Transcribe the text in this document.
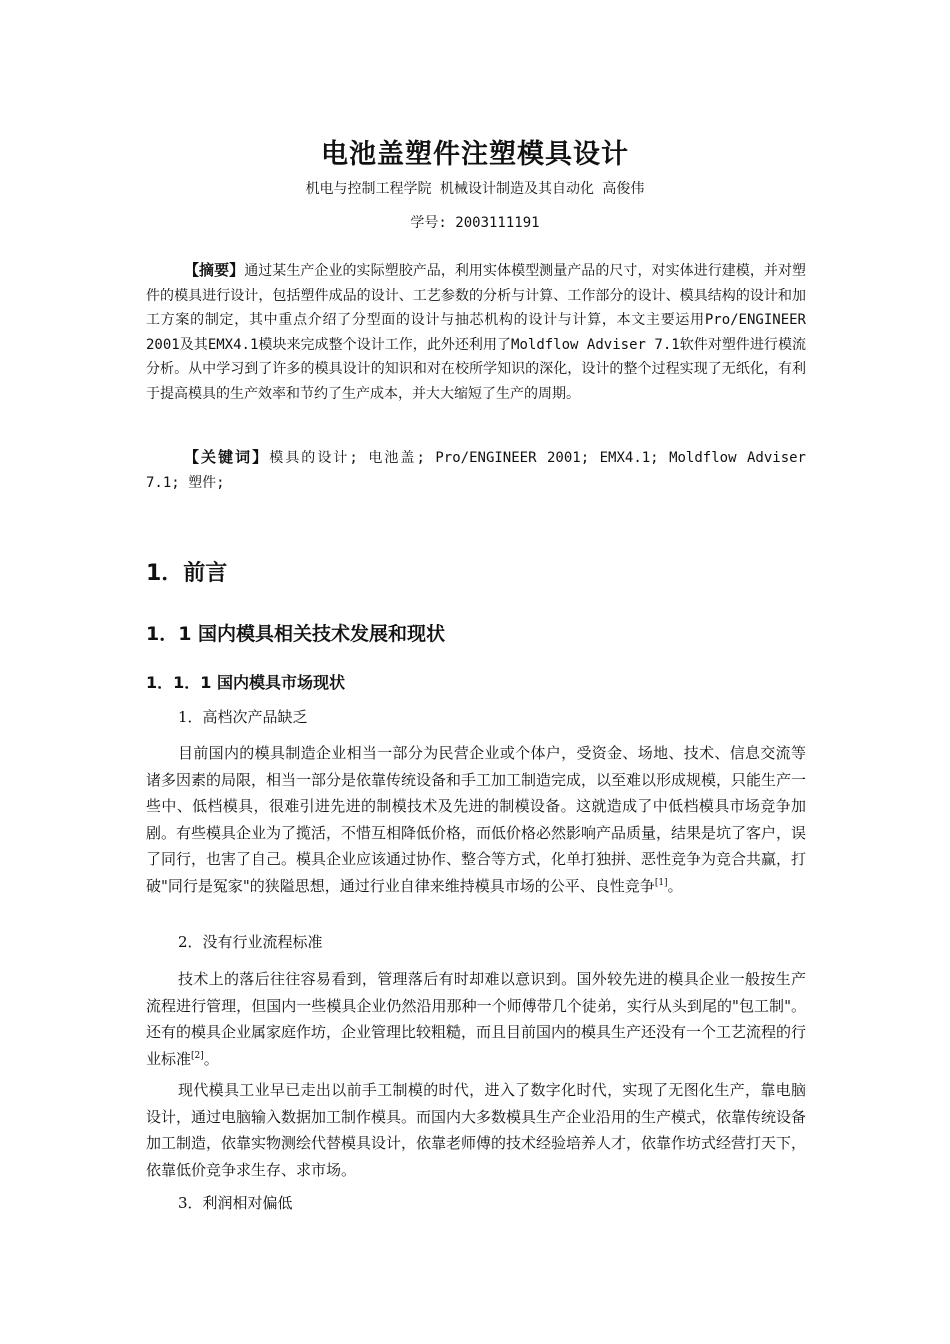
电池盖塑件注塑模具设计
机电与控制工程学院 机械设计制造及其自动化 高俊伟
学号: 2003111191

【摘要】通过某生产企业的实际塑胶产品，利用实体模型测量产品的尺寸，对实体进行建模，并对塑件的模具进行设计，包括塑件成品的设计、工艺参数的分析与计算、工作部分的设计、模具结构的设计和加工方案的制定，其中重点介绍了分型面的设计与抽芯机构的设计与计算，本文主要运用Pro/ENGINEER 2001及其EMX4.1模块来完成整个设计工作，此外还利用了Moldflow Adviser 7.1软件对塑件进行模流分析。从中学习到了许多的模具设计的知识和对在校所学知识的深化，设计的整个过程实现了无纸化，有利于提高模具的生产效率和节约了生产成本，并大大缩短了生产的周期。

【关键词】模具的设计; 电池盖; Pro/ENGINEER 2001; EMX4.1; Moldflow Adviser 7.1; 塑件;

1．前言
1．1 国内模具相关技术发展和现状
1．1．1 国内模具市场现状
1．高档次产品缺乏

目前国内的模具制造企业相当一部分为民营企业或个体户，受资金、场地、技术、信息交流等诸多因素的局限，相当一部分是依靠传统设备和手工加工制造完成，以至难以形成规模，只能生产一些中、低档模具，很难引进先进的制模技术及先进的制模设备。这就造成了中低档模具市场竞争加剧。有些模具企业为了揽活，不惜互相降低价格，而低价格必然影响产品质量，结果是坑了客户，误了同行，也害了自己。模具企业应该通过协作、整合等方式，化单打独拼、恶性竞争为竞合共赢，打破"同行是冤家"的狭隘思想，通过行业自律来维持模具市场的公平、良性竞争[1]。

2．没有行业流程标准

技术上的落后往往容易看到，管理落后有时却难以意识到。国外较先进的模具企业一般按生产流程进行管理，但国内一些模具企业仍然沿用那种一个师傅带几个徒弟，实行从头到尾的"包工制"。还有的模具企业属家庭作坊，企业管理比较粗糙，而且目前国内的模具生产还没有一个工艺流程的行业标准[2]。

现代模具工业早已走出以前手工制模的时代，进入了数字化时代，实现了无图化生产，靠电脑设计，通过电脑输入数据加工制作模具。而国内大多数模具生产企业沿用的生产模式，依靠传统设备加工制造，依靠实物测绘代替模具设计，依靠老师傅的技术经验培养人才，依靠作坊式经营打天下，依靠低价竞争求生存、求市场。

3．利润相对偏低
